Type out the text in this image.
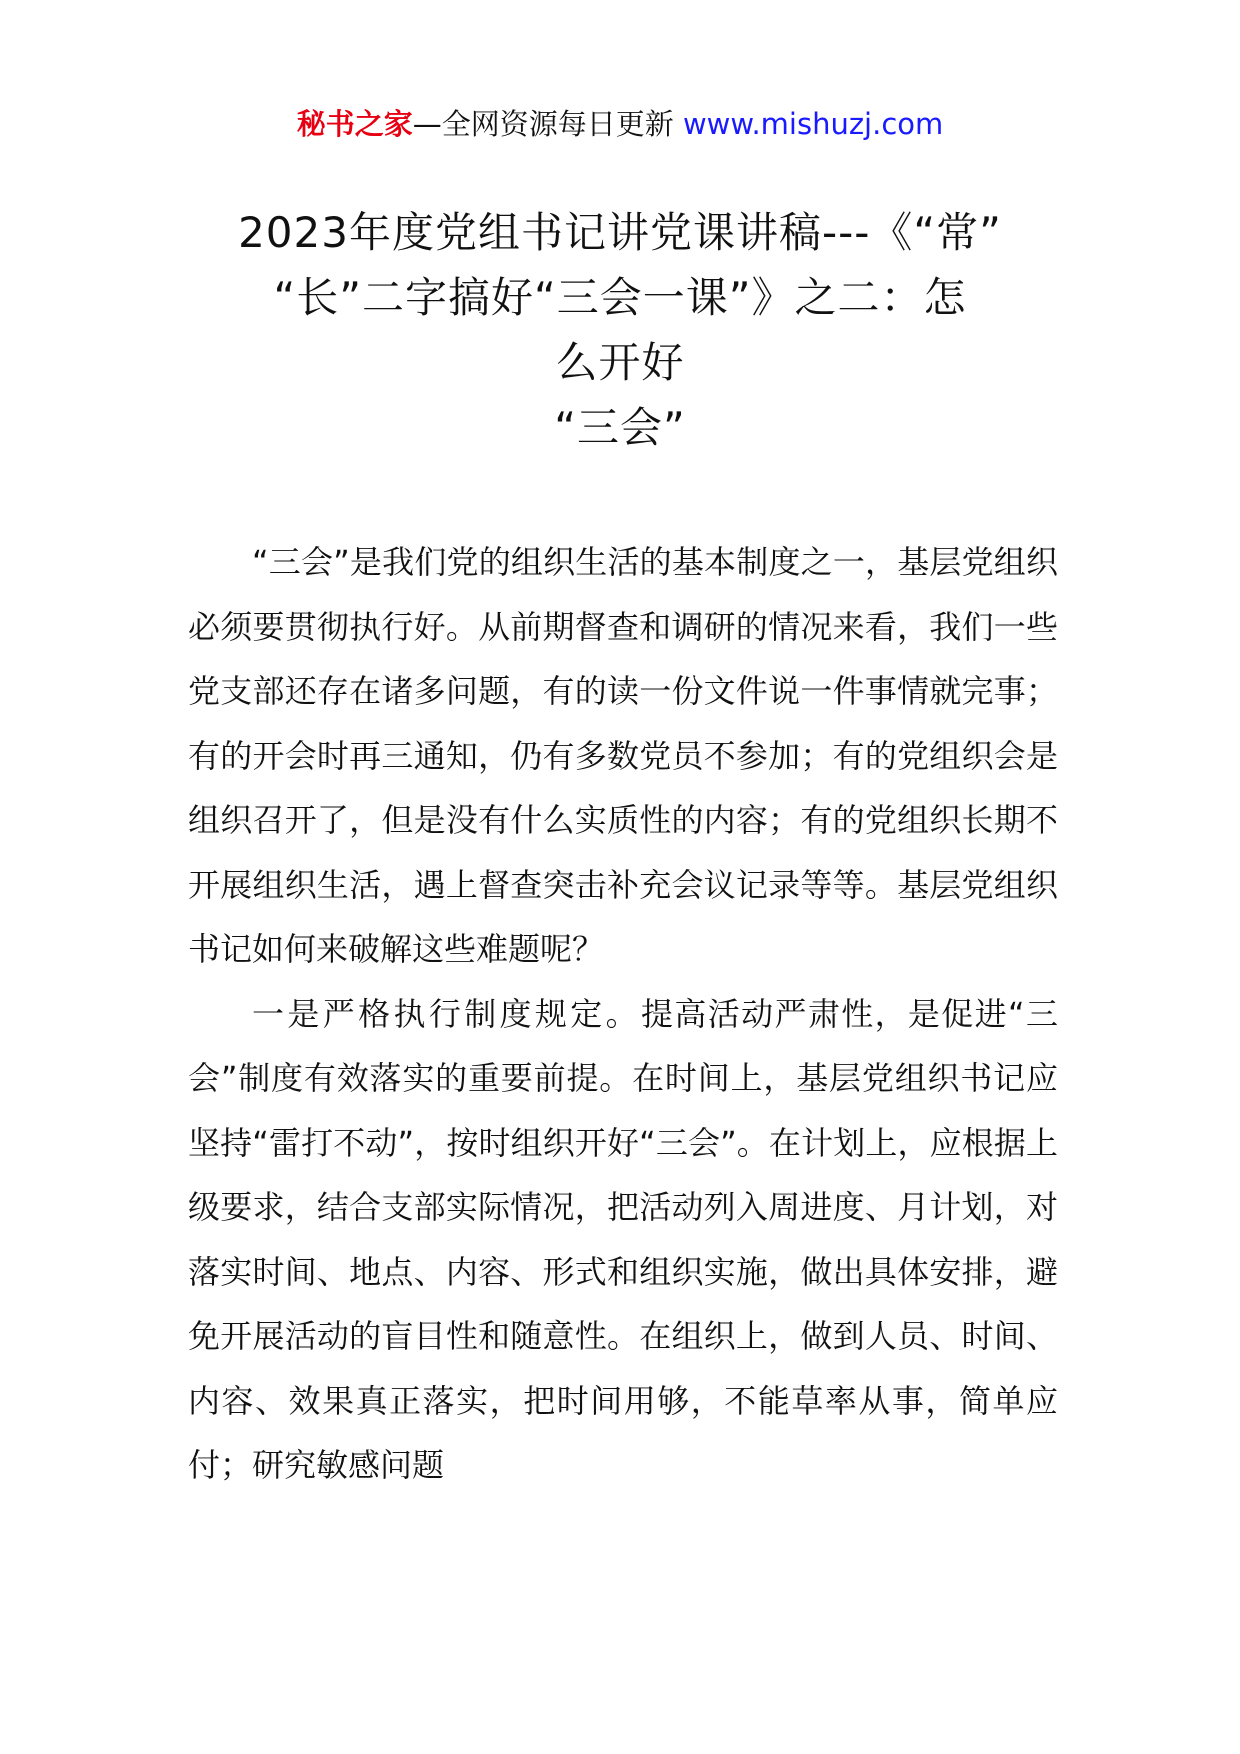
秘书之家—全网资源每日更新 www.mishuzj.com
2023年度党组书记讲党课讲稿---《“常”
“长”二字搞好“三会一课”》之二：怎
么开好
“三会”

“三会”是我们党的组织生活的基本制度之一，基层党组织必须要贯彻执行好。从前期督查和调研的情况来看，我们一些党支部还存在诸多问题，有的读一份文件说一件事情就完事；有的开会时再三通知，仍有多数党员不参加；有的党组织会是组织召开了，但是没有什么实质性的内容；有的党组织长期不开展组织生活，遇上督查突击补充会议记录等等。基层党组织书记如何来破解这些难题呢？

一是严格执行制度规定。提高活动严肃性，是促进“三会”制度有效落实的重要前提。在时间上，基层党组织书记应坚持“雷打不动”，按时组织开好“三会”。在计划上，应根据上级要求，结合支部实际情况，把活动列入周进度、月计划，对落实时间、地点、内容、形式和组织实施，做出具体安排，避免开展活动的盲目性和随意性。在组织上，做到人员、时间、内容、效果真正落实，把时间用够，不能草率从事，简单应付；研究敏感问题
